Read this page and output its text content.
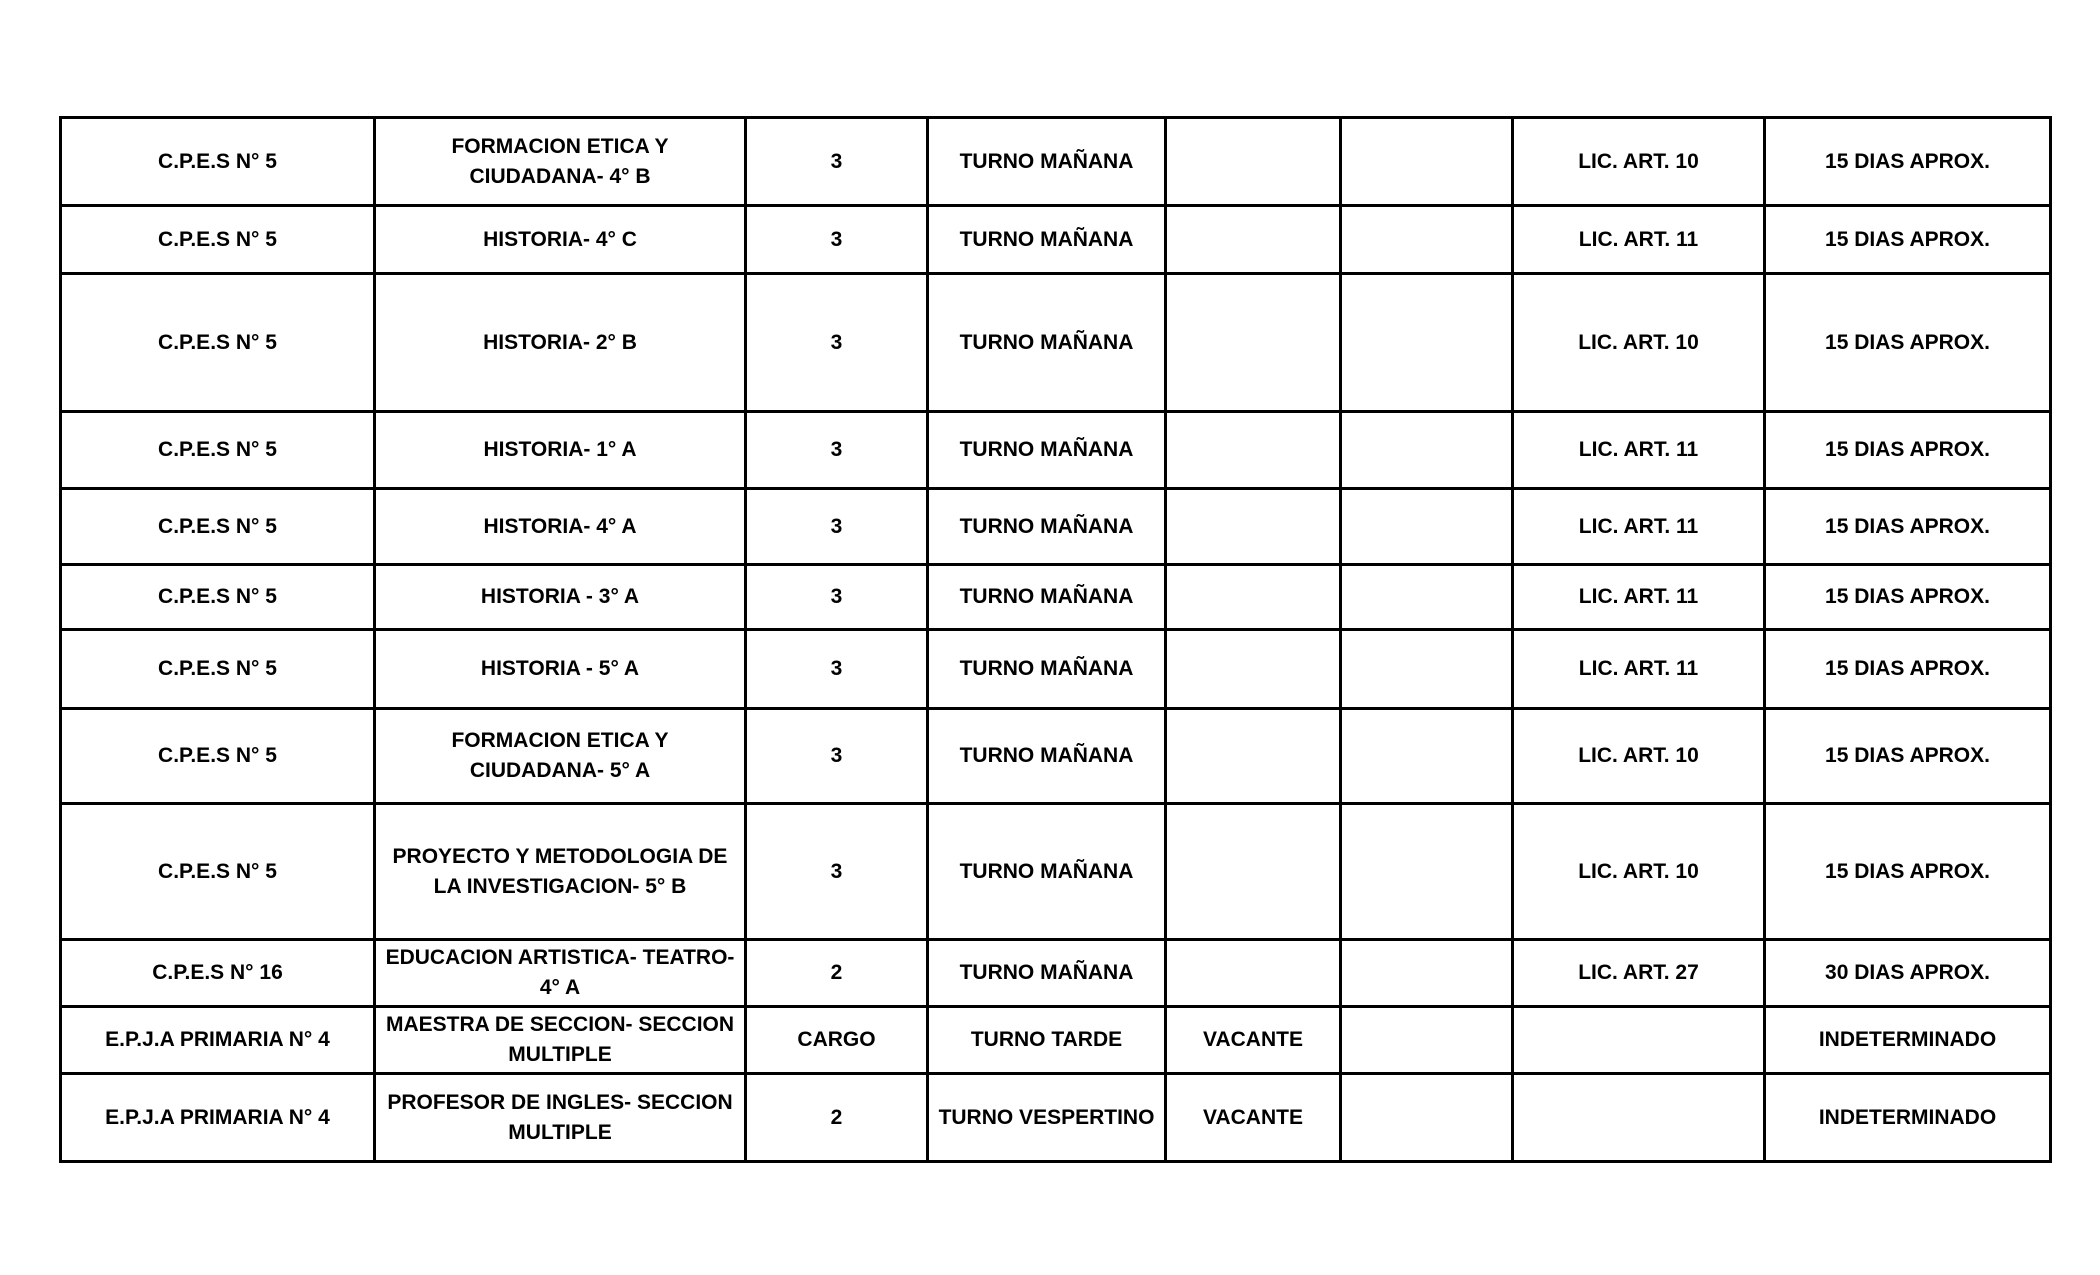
C.P.E.S N° 5	FORMACION ETICA Y CIUDADANA- 4° B	3	TURNO MAÑANA			LIC. ART. 10	15 DIAS APROX.
C.P.E.S N° 5	HISTORIA- 4° C	3	TURNO MAÑANA			LIC. ART. 11	15 DIAS APROX.
C.P.E.S N° 5	HISTORIA- 2° B	3	TURNO MAÑANA			LIC. ART. 10	15 DIAS APROX.
C.P.E.S N° 5	HISTORIA- 1° A	3	TURNO MAÑANA			LIC. ART. 11	15 DIAS APROX.
C.P.E.S N° 5	HISTORIA- 4° A	3	TURNO MAÑANA			LIC. ART. 11	15 DIAS APROX.
C.P.E.S N° 5	HISTORIA - 3° A	3	TURNO MAÑANA			LIC. ART. 11	15 DIAS APROX.
C.P.E.S N° 5	HISTORIA - 5° A	3	TURNO MAÑANA			LIC. ART. 11	15 DIAS APROX.
C.P.E.S N° 5	FORMACION ETICA Y CIUDADANA- 5° A	3	TURNO MAÑANA			LIC. ART. 10	15 DIAS APROX.
C.P.E.S N° 5	PROYECTO Y METODOLOGIA DE LA INVESTIGACION- 5° B	3	TURNO MAÑANA			LIC. ART. 10	15 DIAS APROX.
C.P.E.S N° 16	EDUCACION ARTISTICA- TEATRO- 4° A	2	TURNO MAÑANA			LIC. ART. 27	30 DIAS APROX.
E.P.J.A PRIMARIA N° 4	MAESTRA DE SECCION- SECCION MULTIPLE	CARGO	TURNO TARDE	VACANTE			INDETERMINADO
E.P.J.A PRIMARIA N° 4	PROFESOR DE INGLES- SECCION MULTIPLE	2	TURNO VESPERTINO	VACANTE			INDETERMINADO
